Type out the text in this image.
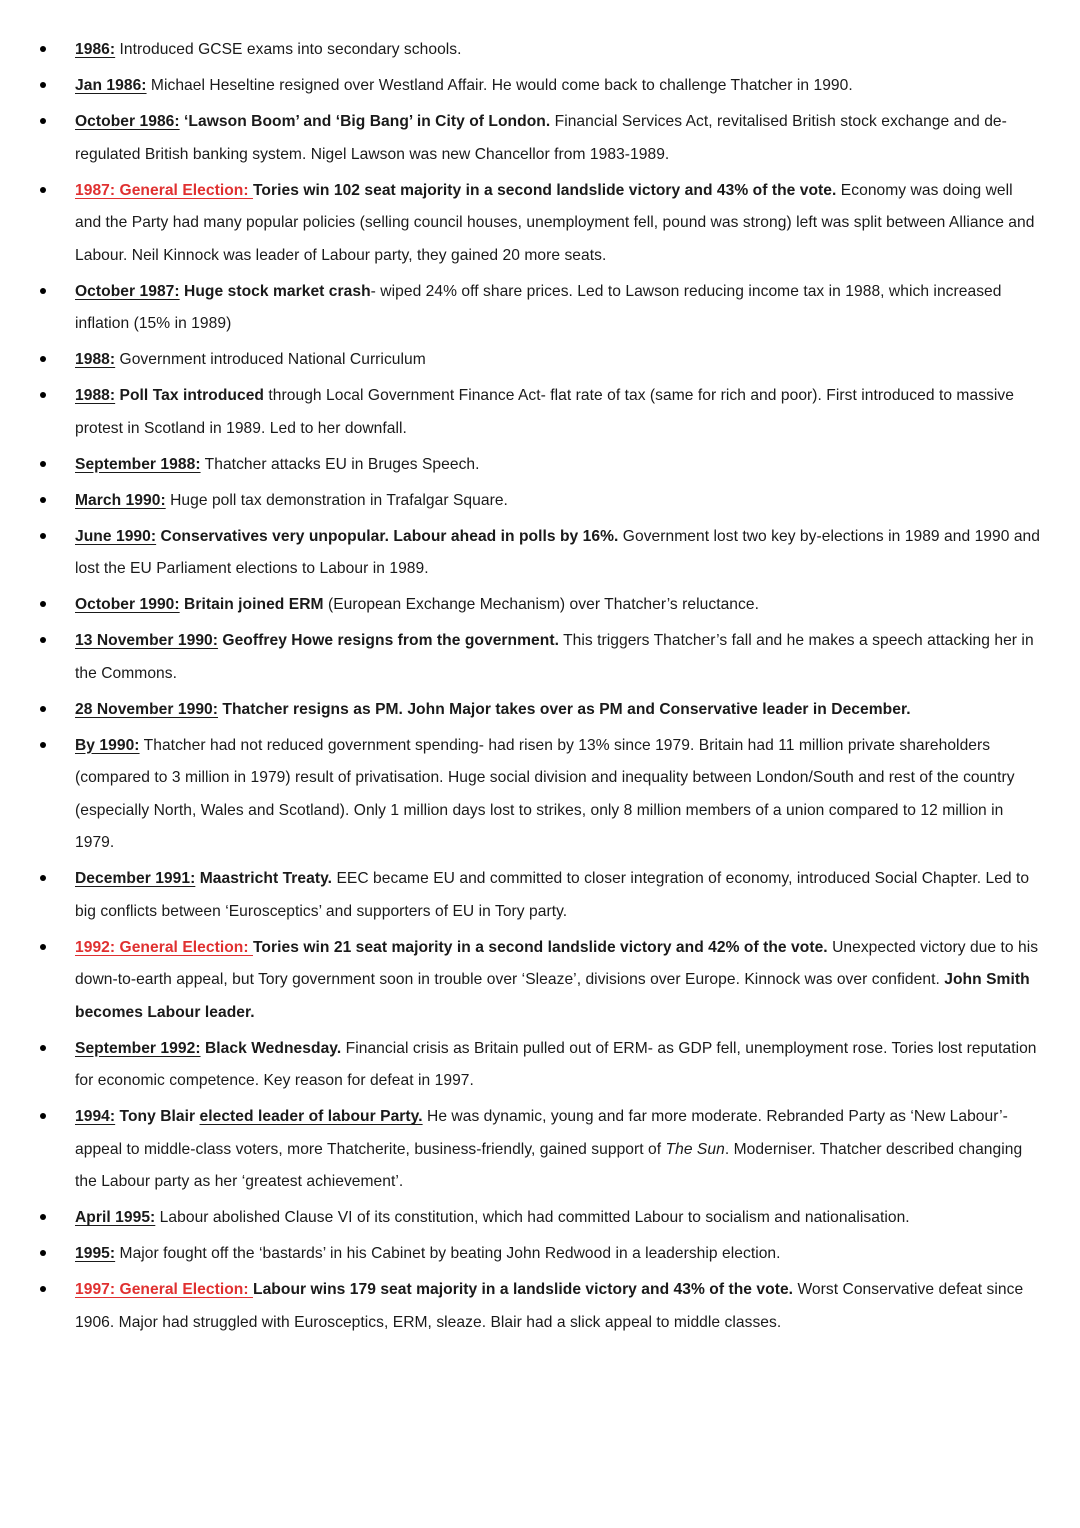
1986: Introduced GCSE exams into secondary schools.
Jan 1986: Michael Heseltine resigned over Westland Affair. He would come back to challenge Thatcher in 1990.
October 1986: ‘Lawson Boom’ and ‘Big Bang’ in City of London. Financial Services Act, revitalised British stock exchange and de-regulated British banking system. Nigel Lawson was new Chancellor from 1983-1989.
1987: General Election: Tories win 102 seat majority in a second landslide victory and 43% of the vote. Economy was doing well and the Party had many popular policies (selling council houses, unemployment fell, pound was strong) left was split between Alliance and Labour. Neil Kinnock was leader of Labour party, they gained 20 more seats.
October 1987: Huge stock market crash- wiped 24% off share prices. Led to Lawson reducing income tax in 1988, which increased inflation (15% in 1989)
1988: Government introduced National Curriculum
1988: Poll Tax introduced through Local Government Finance Act- flat rate of tax (same for rich and poor). First introduced to massive protest in Scotland in 1989. Led to her downfall.
September 1988: Thatcher attacks EU in Bruges Speech.
March 1990: Huge poll tax demonstration in Trafalgar Square.
June 1990: Conservatives very unpopular. Labour ahead in polls by 16%. Government lost two key by-elections in 1989 and 1990 and lost the EU Parliament elections to Labour in 1989.
October 1990: Britain joined ERM (European Exchange Mechanism) over Thatcher’s reluctance.
13 November 1990: Geoffrey Howe resigns from the government. This triggers Thatcher’s fall and he makes a speech attacking her in the Commons.
28 November 1990: Thatcher resigns as PM. John Major takes over as PM and Conservative leader in December.
By 1990: Thatcher had not reduced government spending- had risen by 13% since 1979. Britain had 11 million private shareholders (compared to 3 million in 1979) result of privatisation. Huge social division and inequality between London/South and rest of the country (especially North, Wales and Scotland). Only 1 million days lost to strikes, only 8 million members of a union compared to 12 million in 1979.
December 1991: Maastricht Treaty. EEC became EU and committed to closer integration of economy, introduced Social Chapter. Led to big conflicts between ‘Eurosceptics’ and supporters of EU in Tory party.
1992: General Election: Tories win 21 seat majority in a second landslide victory and 42% of the vote. Unexpected victory due to his down-to-earth appeal, but Tory government soon in trouble over ‘Sleaze’, divisions over Europe. Kinnock was over confident. John Smith becomes Labour leader.
September 1992: Black Wednesday. Financial crisis as Britain pulled out of ERM- as GDP fell, unemployment rose. Tories lost reputation for economic competence. Key reason for defeat in 1997.
1994: Tony Blair elected leader of labour Party. He was dynamic, young and far more moderate. Rebranded Party as ‘New Labour’- appeal to middle-class voters, more Thatcherite, business-friendly, gained support of The Sun. Moderniser. Thatcher described changing the Labour party as her ‘greatest achievement’.
April 1995: Labour abolished Clause VI of its constitution, which had committed Labour to socialism and nationalisation.
1995: Major fought off the ‘bastards’ in his Cabinet by beating John Redwood in a leadership election.
1997: General Election: Labour wins 179 seat majority in a landslide victory and 43% of the vote. Worst Conservative defeat since 1906. Major had struggled with Eurosceptics, ERM, sleaze. Blair had a slick appeal to middle classes.
